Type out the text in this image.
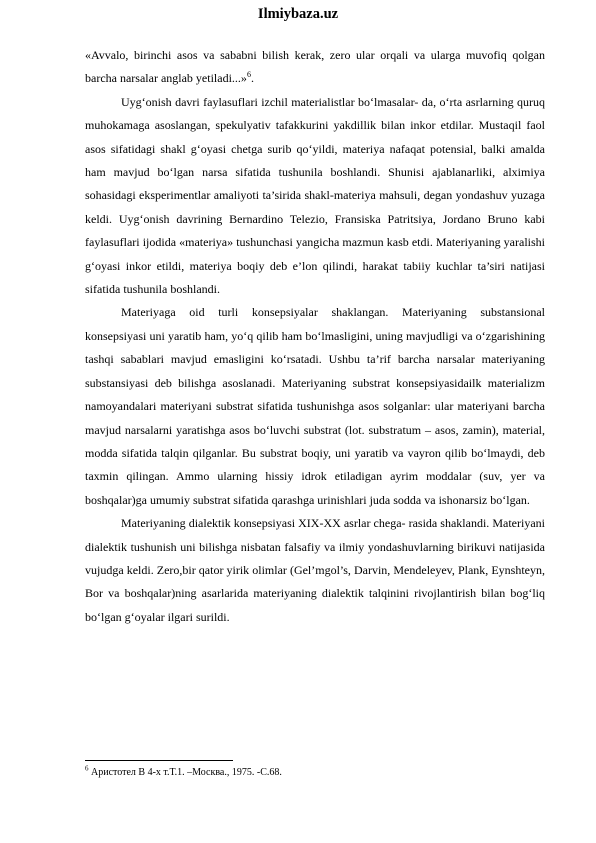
Ilmiybaza.uz

«Avvalo, birinchi asos va sababni bilish kerak, zero ular orqali va ularga muvofiq qolgan barcha narsalar anglab yetiladi...»$^6$.

Uyg‘onish davri faylasuflari izchil materialistlar bo‘lmasalar- da, o‘rta asrlarning quruq muhokamaga asoslangan, spekulyativ tafakkurini yakdillik bilan inkor etdilar. Mustaqil faol asos sifatidagi shakl g‘oyasi chetga surib qo‘yildi, materiya nafaqat potensial, balki amalda ham mavjud bo‘lgan narsa sifatida tushunila boshlandi. Shunisi ajablanarliki, alximiya sohasidagi eksperimentlar amaliyoti ta’sirida shakl-materiya mahsuli, degan yondashuv yuzaga keldi. Uyg‘onish davrining Bernardino Telezio, Fransiska Patritsiya, Jordano Bruno kabi faylasuflari ijodida «materiya» tushunchasi yangicha mazmun kasb etdi. Materiyaning yaralishi g‘oyasi inkor etildi, materiya boqiy deb e’lon qilindi, harakat tabiiy kuchlar ta’siri natijasi sifatida tushunila boshlandi.

Materiyaga oid turli konsepsiyalar shaklangan. Materiyaning substansional konsepsiyasi uni yaratib ham, yo‘q qilib ham bo‘lmasligini, uning mavjudligi va o‘zgarishining tashqi sabablari mavjud emasligini ko‘rsatadi. Ushbu ta’rif barcha narsalar materiyaning substansiyasi deb bilishga asoslanadi. Materiyaning substrat konsepsiyasidailk materializm namoyandalari materiyani substrat sifatida tushunishga asos solganlar: ular materiyani barcha mavjud narsalarni yaratishga asos bo‘luvchi substrat (lot. substratum – asos, zamin), material, modda sifatida talqin qilganlar. Bu substrat boqiy, uni yaratib va vayron qilib bo‘lmaydi, deb taxmin qilingan. Ammo ularning hissiy idrok etiladigan ayrim moddalar (suv, yer va boshqalar)ga umumiy substrat sifatida qarashga urinishlari juda sodda va ishonarsiz bo‘lgan.

Materiyaning dialektik konsepsiyasi XIX-XX asrlar chega- rasida shaklandi. Materiyani dialektik tushunish uni bilishga nisbatan falsafiy va ilmiy yondashuvlarning birikuvi natijasida vujudga keldi. Zero,bir qator yirik olimlar (Gel’mgol’s, Darvin, Mendeleyev, Plank, Eynshteyn, Bor va boshqalar)ning asarlarida materiyaning dialektik talqinini rivojlantirish bilan bog‘liq bo‘lgan g‘oyalar ilgari surildi.

$^6$ Аристотел В 4-х т.Т.1. –Москва., 1975. -С.68.
